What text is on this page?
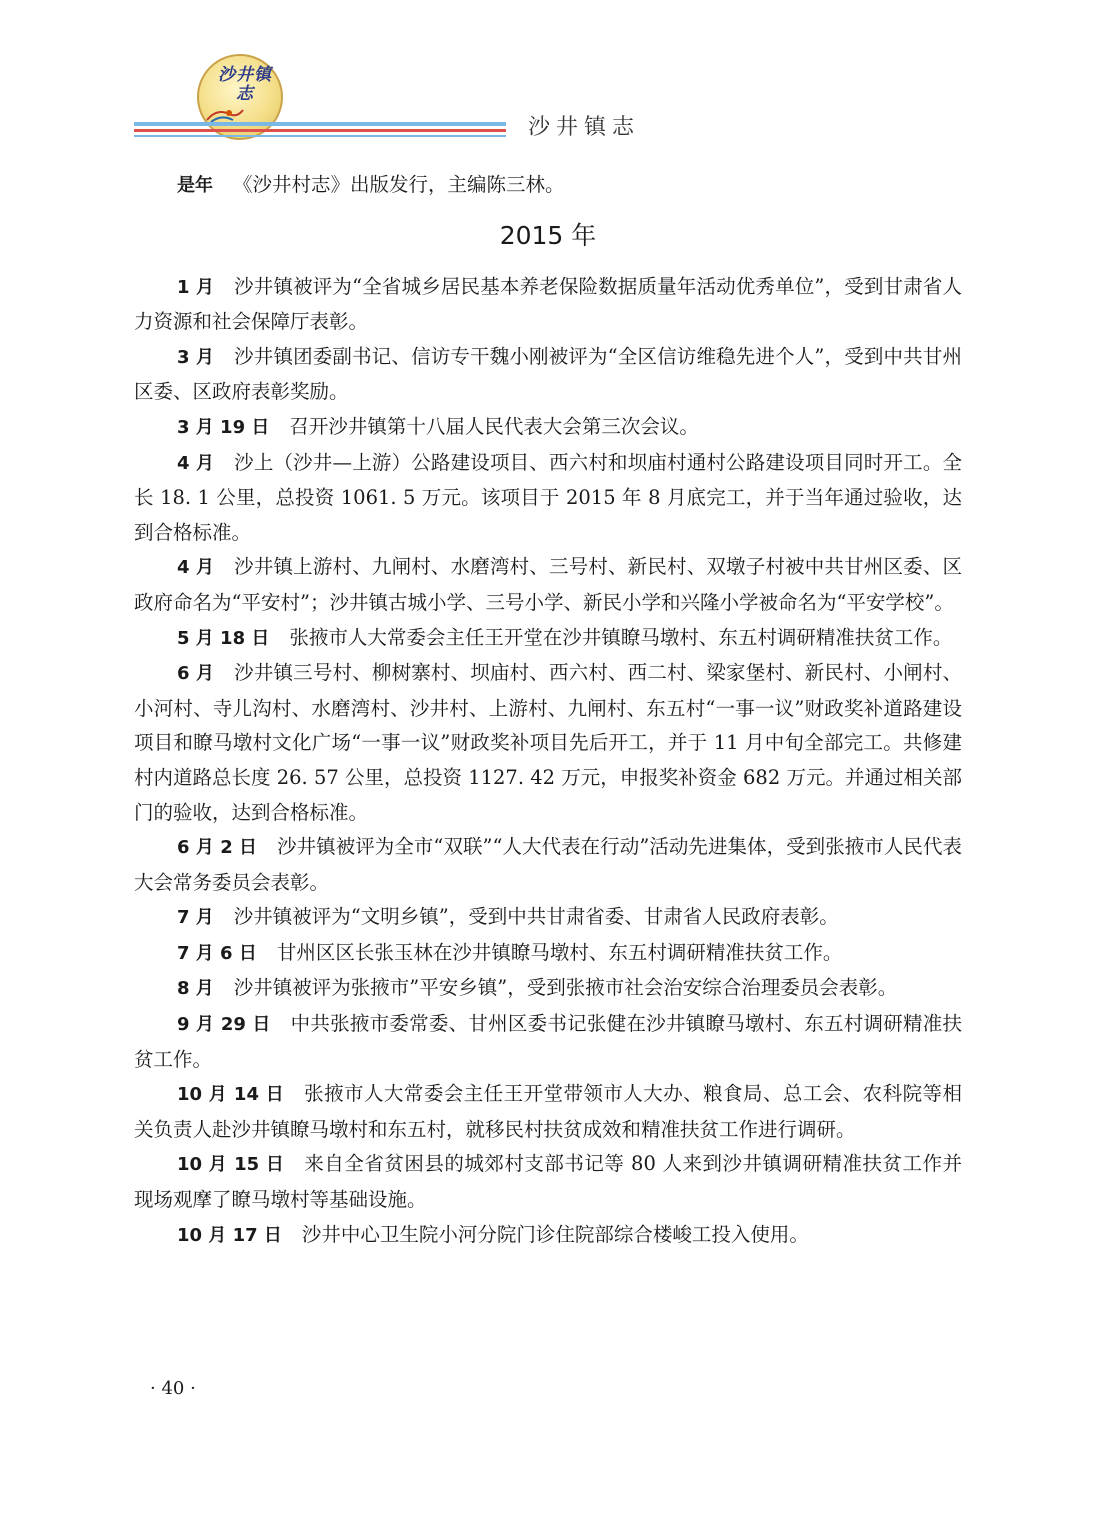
沙井镇志
沙井镇志

是年 《沙井村志》出版发行，主编陈三林。

2015 年

1 月 沙井镇被评为“全省城乡居民基本养老保险数据质量年活动优秀单位”，受到甘肃省人力资源和社会保障厅表彰。

3 月 沙井镇团委副书记、信访专干魏小刚被评为“全区信访维稳先进个人”，受到中共甘州区委、区政府表彰奖励。

3 月 19 日 召开沙井镇第十八届人民代表大会第三次会议。

4 月 沙上（沙井—上游）公路建设项目、西六村和坝庙村通村公路建设项目同时开工。全长 18. 1 公里，总投资 1061. 5 万元。该项目于 2015 年 8 月底完工，并于当年通过验收，达到合格标准。

4 月 沙井镇上游村、九闸村、水磨湾村、三号村、新民村、双墩子村被中共甘州区委、区政府命名为“平安村”；沙井镇古城小学、三号小学、新民小学和兴隆小学被命名为“平安学校”。

5 月 18 日 张掖市人大常委会主任王开堂在沙井镇瞭马墩村、东五村调研精准扶贫工作。

6 月 沙井镇三号村、柳树寨村、坝庙村、西六村、西二村、梁家堡村、新民村、小闸村、小河村、寺儿沟村、水磨湾村、沙井村、上游村、九闸村、东五村“一事一议”财政奖补道路建设项目和瞭马墩村文化广场“一事一议”财政奖补项目先后开工，并于 11 月中旬全部完工。共修建村内道路总长度 26. 57 公里，总投资 1127. 42 万元，申报奖补资金 682 万元。并通过相关部门的验收，达到合格标准。

6 月 2 日 沙井镇被评为全市“双联”“人大代表在行动”活动先进集体，受到张掖市人民代表大会常务委员会表彰。

7 月 沙井镇被评为“文明乡镇”，受到中共甘肃省委、甘肃省人民政府表彰。

7 月 6 日 甘州区区长张玉林在沙井镇瞭马墩村、东五村调研精准扶贫工作。

8 月 沙井镇被评为张掖市”平安乡镇”，受到张掖市社会治安综合治理委员会表彰。

9 月 29 日 中共张掖市委常委、甘州区委书记张健在沙井镇瞭马墩村、东五村调研精准扶贫工作。

10 月 14 日 张掖市人大常委会主任王开堂带领市人大办、粮食局、总工会、农科院等相关负责人赴沙井镇瞭马墩村和东五村，就移民村扶贫成效和精准扶贫工作进行调研。

10 月 15 日 来自全省贫困县的城郊村支部书记等 80 人来到沙井镇调研精准扶贫工作并现场观摩了瞭马墩村等基础设施。

10 月 17 日 沙井中心卫生院小河分院门诊住院部综合楼峻工投入使用。

· 40 ·
